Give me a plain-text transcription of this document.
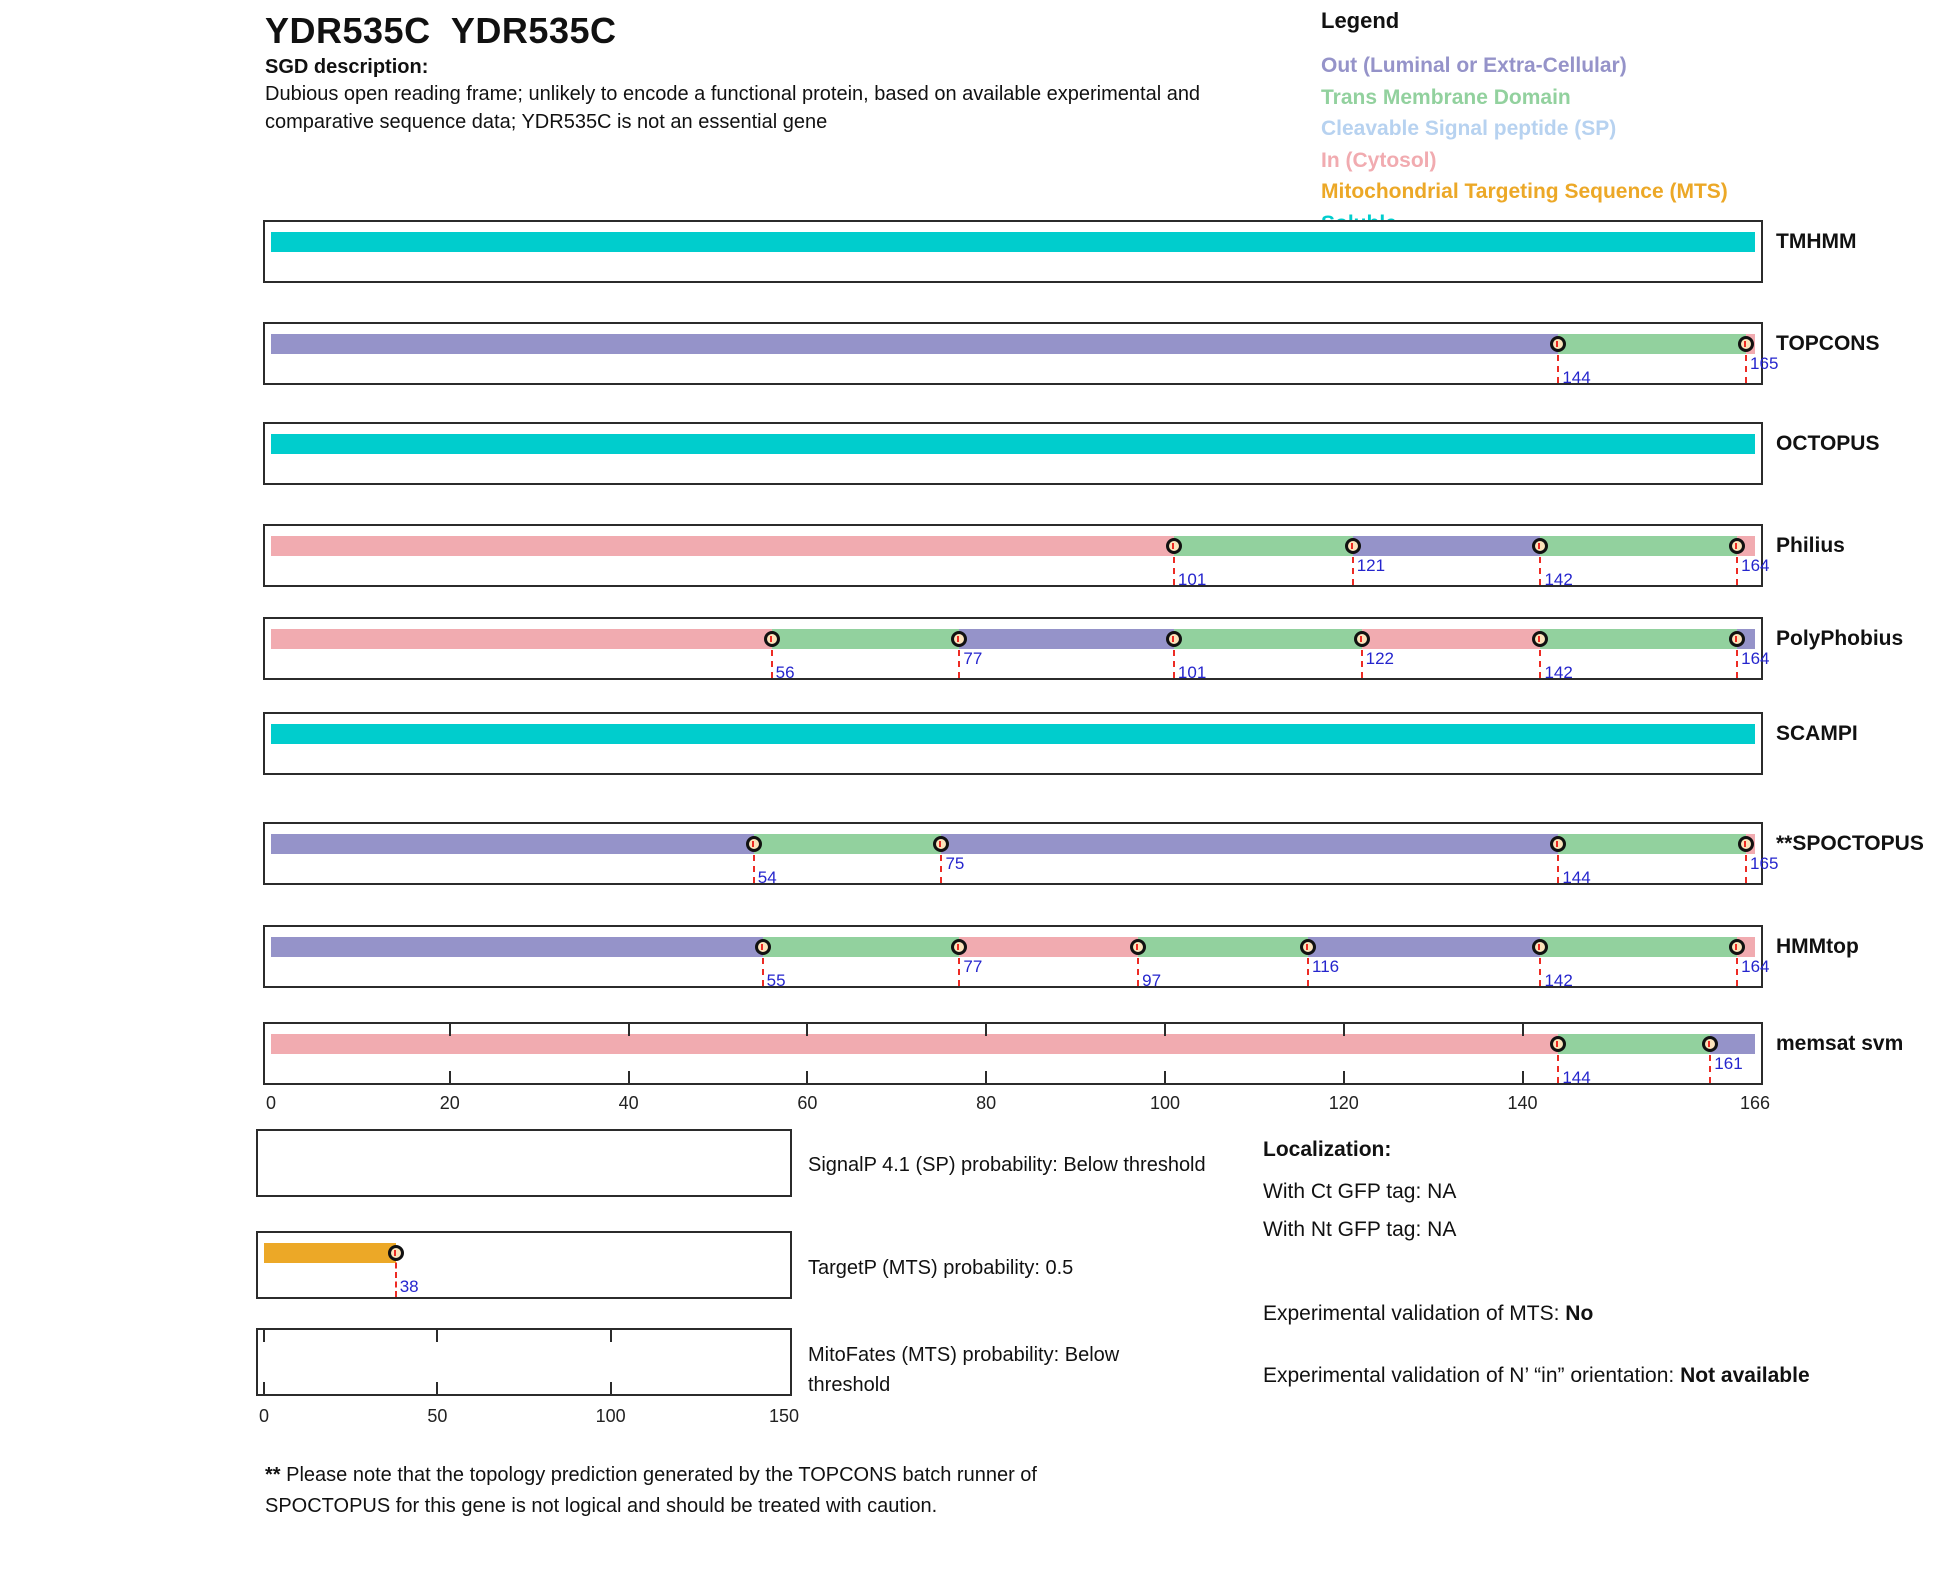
YDR535C  YDR535C
SGD description:
Dubious open reading frame; unlikely to encode a functional protein, based on available experimental and comparative sequence data; YDR535C is not an essential gene
Legend
Out (Luminal or Extra-Cellular)
Trans Membrane Domain
Cleavable Signal peptide (SP)
In (Cytosol)
Mitochondrial Targeting Sequence (MTS)
TMHMM
144
165
TOPCONS
OCTOPUS
101
121
142
164
Philius
56
77
101
122
142
164
PolyPhobius
SCAMPI
54
75
144
165
**SPOCTOPUS
55
77
97
116
142
164
HMMtop
144
161
memsat svm
0	20	40	60	80	100	120	140	166
SignalP 4.1 (SP) probability: Below threshold
38
TargetP (MTS) probability: 0.5
MitoFates (MTS) probability: Below threshold
0	50	100	150
Localization:
With Ct GFP tag: NA
With Nt GFP tag: NA
Experimental validation of MTS: No
Experimental validation of N’ “in” orientation: Not available
** Please note that the topology prediction generated by the TOPCONS batch runner of SPOCTOPUS for this gene is not logical and should be treated with caution.
